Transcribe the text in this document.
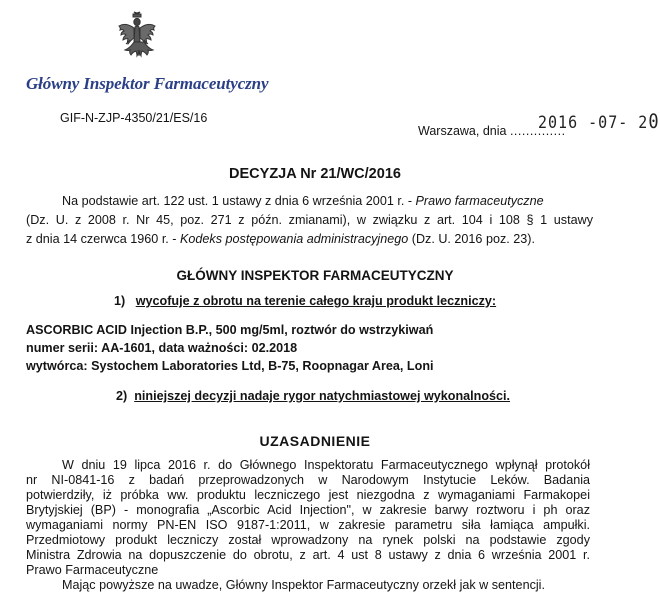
Główny Inspektor Farmaceutyczny
GIF-N-ZJP-4350/21/ES/16
Warszawa, dnia ..............
2016 -07- 20
DECYZJA Nr 21/WC/2016
Na podstawie art. 122 ust. 1 ustawy z dnia 6 września 2001 r. - Prawo farmaceutyczne
(Dz. U. z 2008 r. Nr 45, poz. 271 z późn. zmianami), w związku z art. 104 i 108 § 1 ustawy
z dnia 14 czerwca 1960 r. - Kodeks postępowania administracyjnego (Dz. U. 2016 poz. 23).
GŁÓWNY INSPEKTOR FARMACEUTYCZNY
1) wycofuje z obrotu na terenie całego kraju produkt leczniczy:
ASCORBIC ACID Injection B.P., 500 mg/5ml, roztwór do wstrzykiwań
numer serii: AA-1601, data ważności: 02.2018
wytwórca: Systochem Laboratories Ltd, B-75, Roopnagar Area, Loni
2) niniejszej decyzji nadaje rygor natychmiastowej wykonalności.
UZASADNIENIE
W dniu 19 lipca 2016 r. do Głównego Inspektoratu Farmaceutycznego wpłynął protokół
nr NI-0841-16 z badań przeprowadzonych w Narodowym Instytucie Leków. Badania
potwierdziły, iż próbka ww. produktu leczniczego jest niezgodna z wymaganiami Farmakopei
Brytyjskiej (BP) - monografia „Ascorbic Acid Injection", w zakresie barwy roztworu i ph oraz
wymaganiami normy PN-EN ISO 9187-1:2011, w zakresie parametru siła łamiąca ampułki.
Przedmiotowy produkt leczniczy został wprowadzony na rynek polski na podstawie zgody
Ministra Zdrowia na dopuszczenie do obrotu, z art. 4 ust 8 ustawy z dnia 6 września 2001 r.
Prawo Farmaceutyczne
Mając powyższe na uwadze, Główny Inspektor Farmaceutyczny orzekł jak w sentencji.
